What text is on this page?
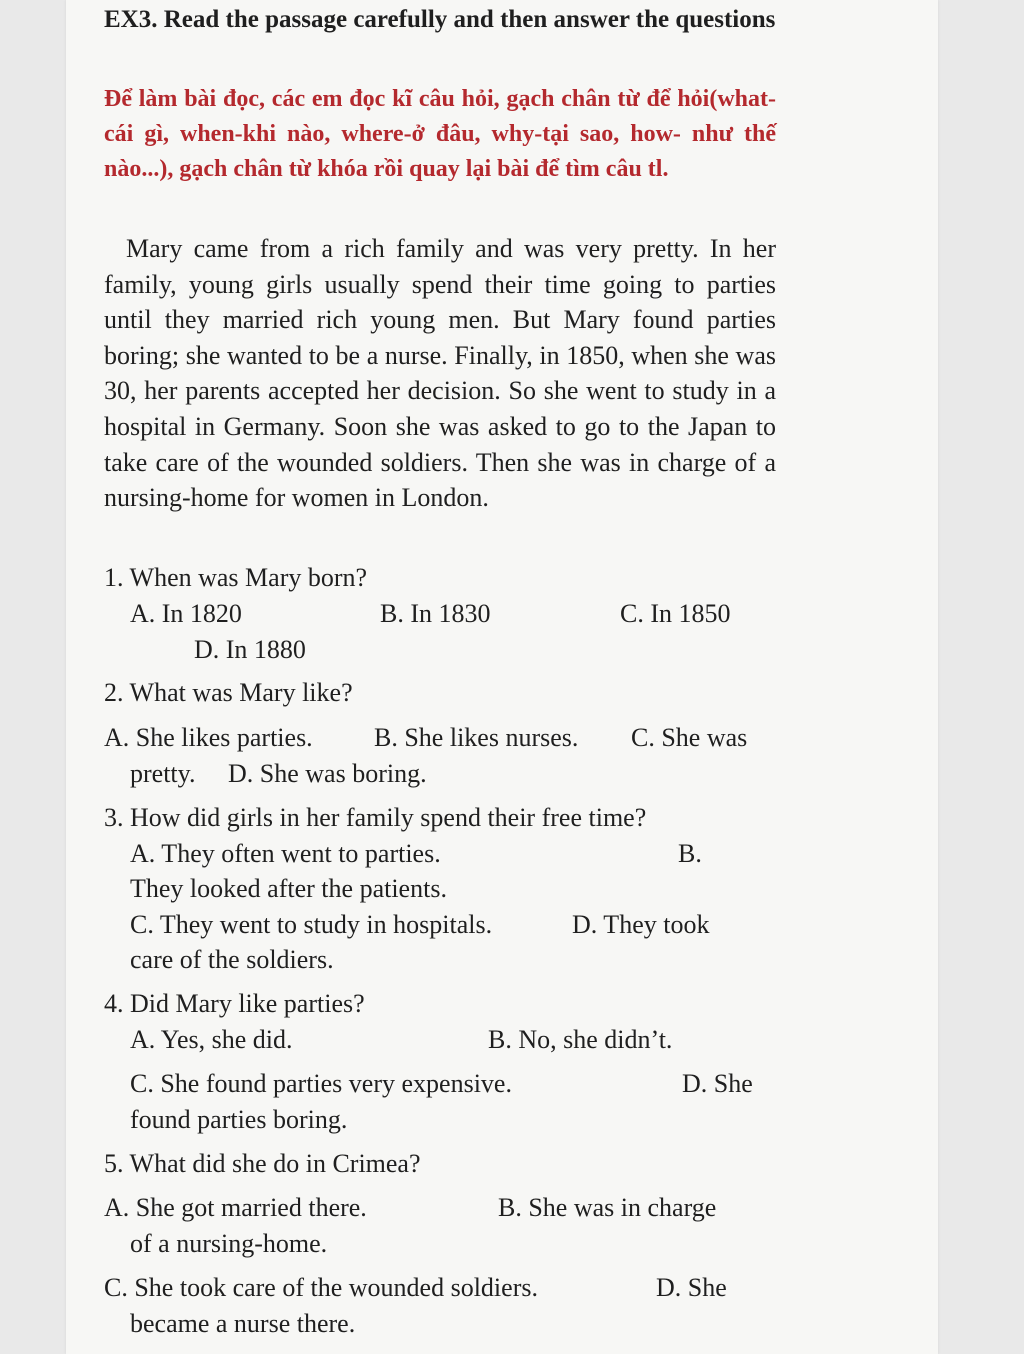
EX3. Read the passage carefully and then answer the questions
Để làm bài đọc, các em đọc kĩ câu hỏi, gạch chân từ để hỏi(what-cái gì, when-khi nào, where-ở đâu, why-tại sao, how- như thế nào...), gạch chân từ khóa rồi quay lại bài để tìm câu tl.
Mary came from a rich family and was very pretty. In her family, young girls usually spend their time going to parties until they married rich young men. But Mary found parties boring; she wanted to be a nurse. Finally, in 1850, when she was 30, her parents accepted her decision. So she went to study in a hospital in Germany. Soon she was asked to go to the Japan to take care of the wounded soldiers. Then she was in charge of a nursing-home for women in London.
1. When was Mary born?
A. In 1820	B. In 1830	C. In 1850
D. In 1880
2. What was Mary like?
A. She likes parties. B. She likes nurses. C. She was
pretty. D. She was boring.
3. How did girls in her family spend their free time?
A. They often went to parties.	B.
They looked after the patients.
C. They went to study in hospitals.	D. They took
care of the soldiers.
4. Did Mary like parties?
A. Yes, she did.	B. No, she didn’t.
C. She found parties very expensive.	D. She
found parties boring.
5. What did she do in Crimea?
A. She got married there.	B. She was in charge
of a nursing-home.
C. She took care of the wounded soldiers.	D. She
became a nurse there.
